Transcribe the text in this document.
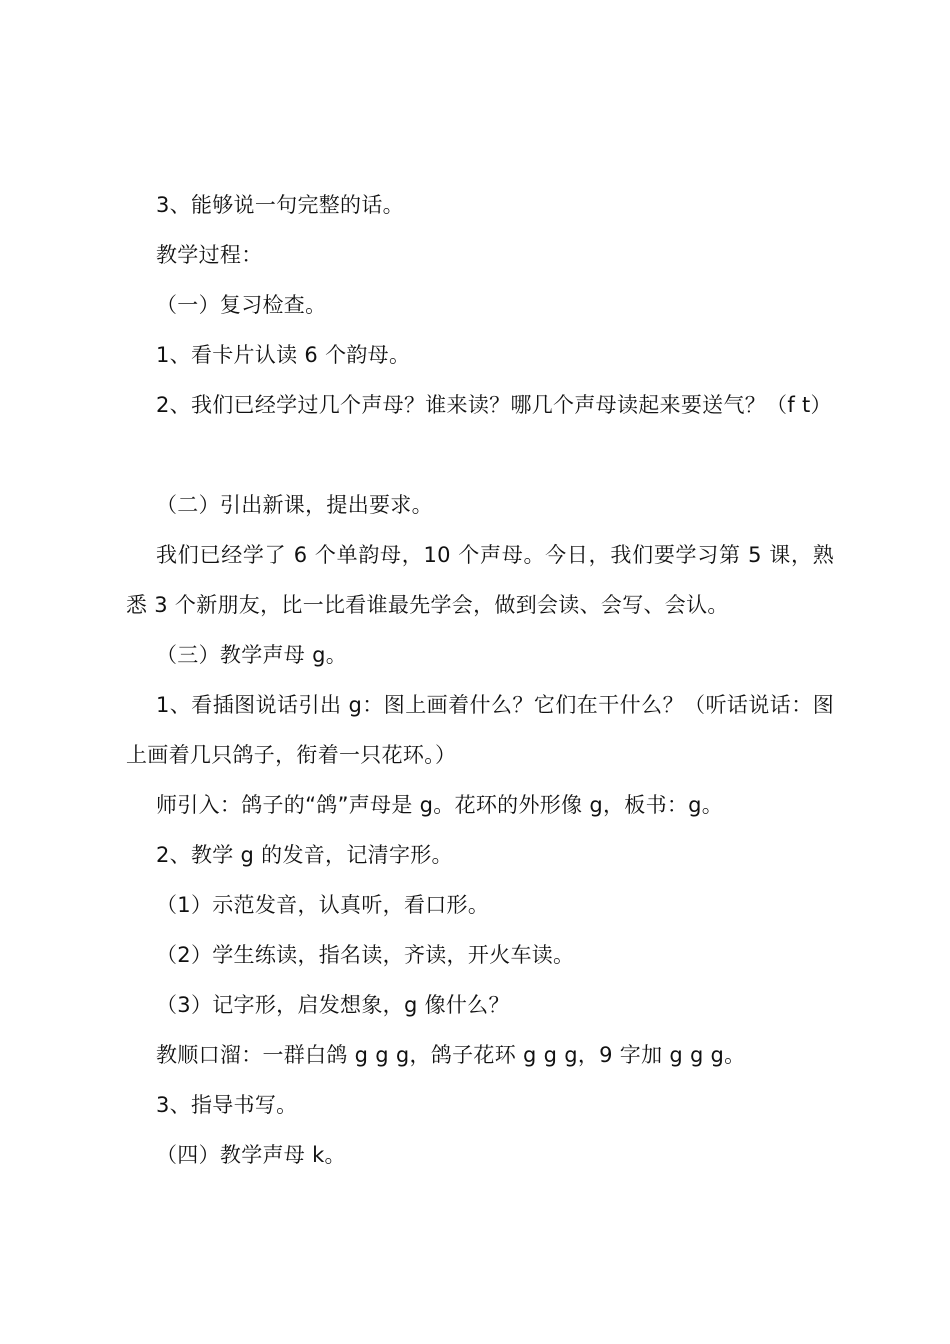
3、能够说一句完整的话。
教学过程：
（一）复习检查。
1、看卡片认读 6 个韵母。
2、我们已经学过几个声母？谁来读？哪几个声母读起来要送气？（f t）
（二）引出新课，提出要求。
我们已经学了 6 个单韵母，10 个声母。今日，我们要学习第 5 课，熟悉 3 个新朋友，比一比看谁最先学会，做到会读、会写、会认。
（三）教学声母 g。
1、看插图说话引出 g：图上画着什么？它们在干什么？（听话说话：图上画着几只鸽子，衔着一只花环。）
师引入：鸽子的“鸽”声母是 g。花环的外形像 g，板书：g。
2、教学 g 的发音，记清字形。
（1）示范发音，认真听，看口形。
（2）学生练读，指名读，齐读，开火车读。
（3）记字形，启发想象，g 像什么？
教顺口溜：一群白鸽 g g g，鸽子花环 g g g，9 字加 g g g。
3、指导书写。
（四）教学声母 k。
